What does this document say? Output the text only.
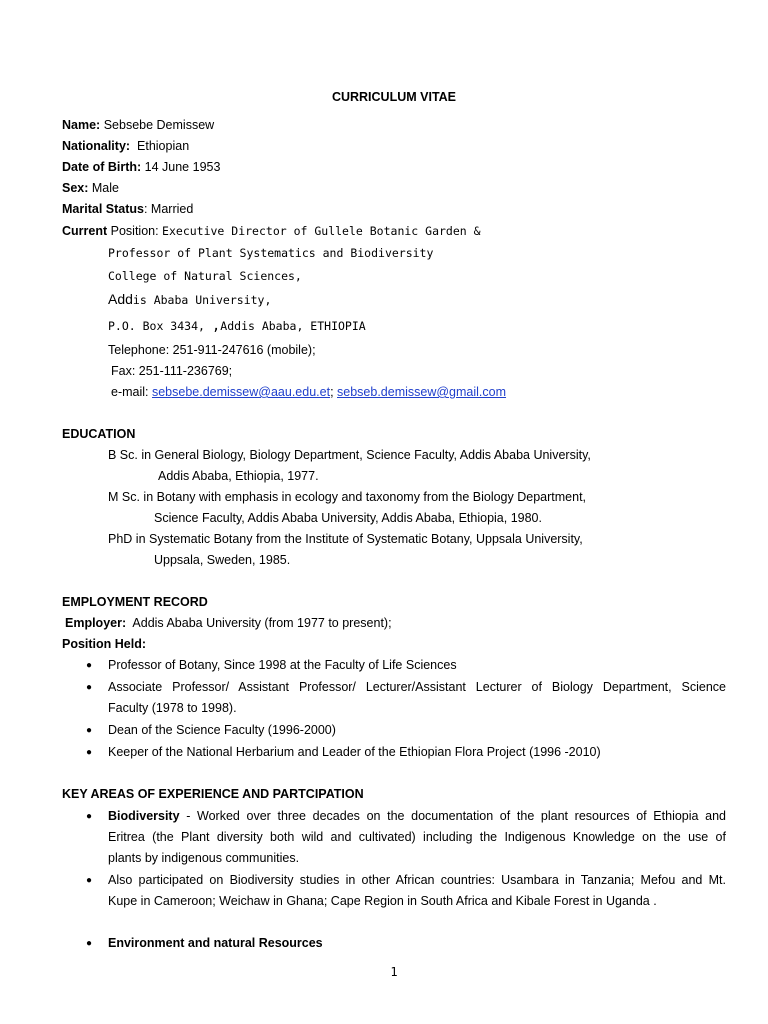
CURRICULUM VITAE
Name: Sebsebe Demissew
Nationality: Ethiopian
Date of Birth: 14 June 1953
Sex: Male
Marital Status: Married
Current Position: Executive Director of Gullele Botanic Garden &
Professor of Plant Systematics and Biodiversity
College of Natural Sciences,
Addis Ababa University,
P.O. Box 3434, ,Addis Ababa, ETHIOPIA
Telephone: 251-911-247616 (mobile);
Fax: 251-111-236769;
e-mail: sebsebe.demissew@aau.edu.et; sebseb.demissew@gmail.com
EDUCATION
B Sc. in General Biology, Biology Department, Science Faculty, Addis Ababa University,
Addis Ababa, Ethiopia, 1977.
M Sc. in Botany with emphasis in ecology and taxonomy from the Biology Department,
Science Faculty, Addis Ababa University, Addis Ababa, Ethiopia, 1980.
PhD in Systematic Botany from the Institute of Systematic Botany, Uppsala University,
Uppsala, Sweden, 1985.
EMPLOYMENT RECORD
Employer: Addis Ababa University (from 1977 to present);
Position Held:
● Professor of Botany, Since 1998 at the Faculty of Life Sciences
● Associate Professor/ Assistant Professor/ Lecturer/Assistant Lecturer of Biology Department, Science
Faculty (1978 to 1998).
● Dean of the Science Faculty (1996-2000)
● Keeper of the National Herbarium and Leader of the Ethiopian Flora Project (1996 -2010)
KEY AREAS OF EXPERIENCE AND PARTCIPATION
● Biodiversity - Worked over three decades on the documentation of the plant resources of Ethiopia and
Eritrea (the Plant diversity both wild and cultivated) including the Indigenous Knowledge on the use of
plants by indigenous communities.
● Also participated on Biodiversity studies in other African countries: Usambara in Tanzania; Mefou and Mt.
Kupe in Cameroon; Weichaw in Ghana; Cape Region in South Africa and Kibale Forest in Uganda .
● Environment and natural Resources
1
